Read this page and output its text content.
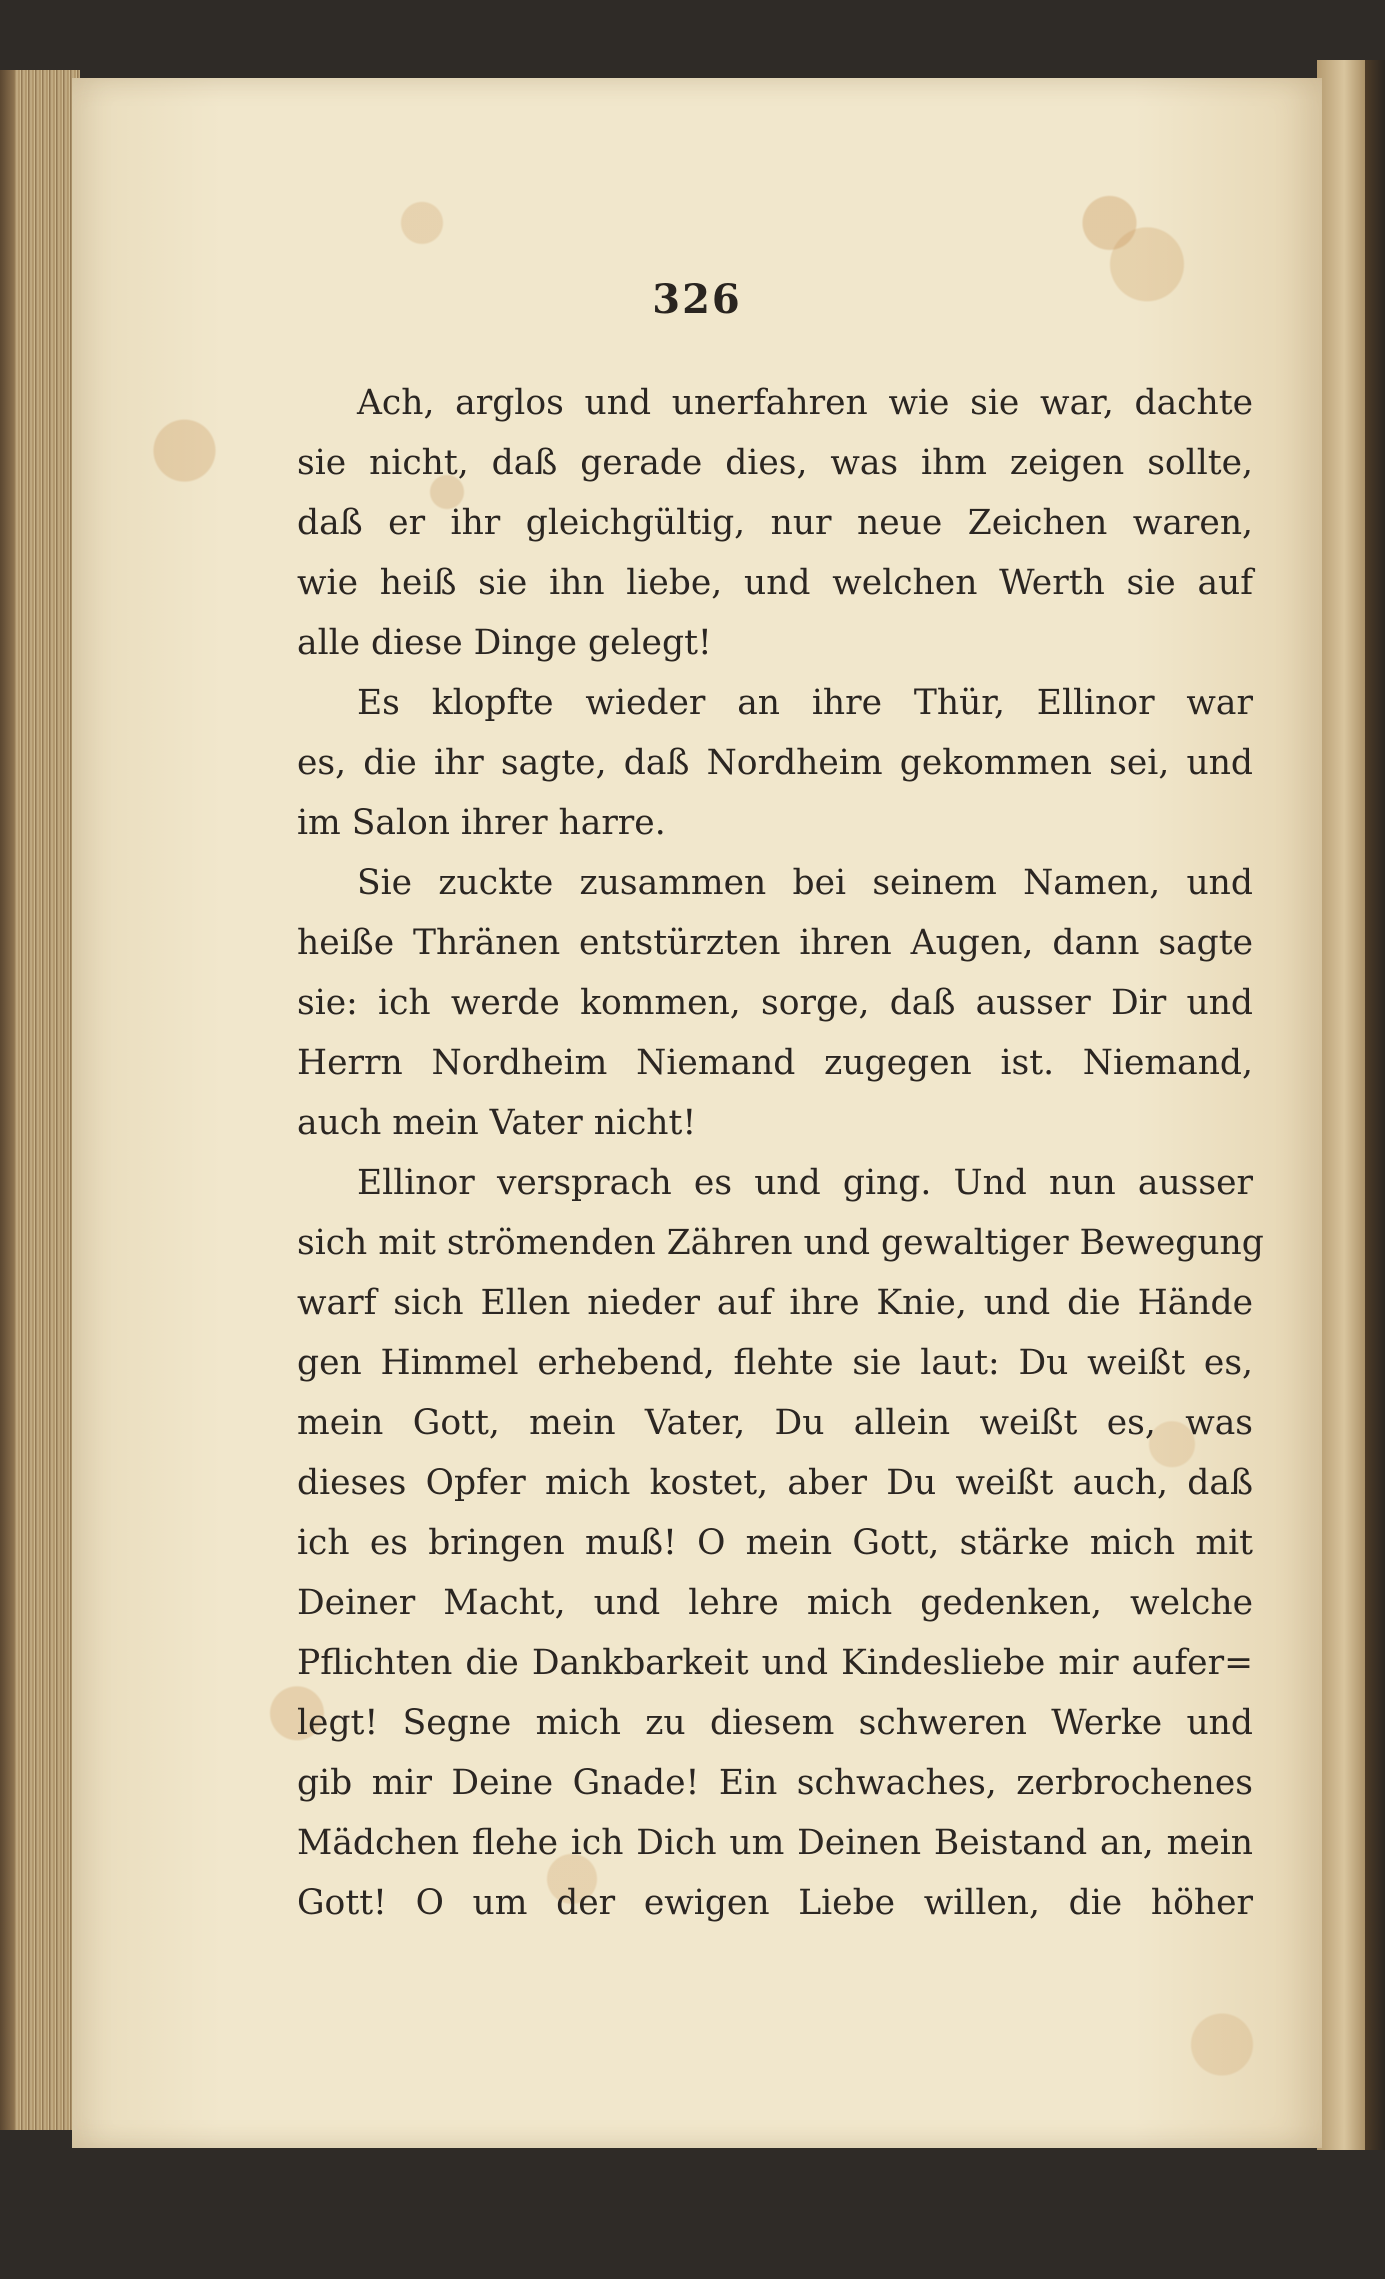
326
Ach, arglos und unerfahren wie sie war, dachte
sie nicht, daß gerade dies, was ihm zeigen sollte,
daß er ihr gleichgültig, nur neue Zeichen waren,
wie heiß sie ihn liebe, und welchen Werth sie auf
alle diese Dinge gelegt!
Es klopfte wieder an ihre Thür, Ellinor war
es, die ihr sagte, daß Nordheim gekommen sei, und
im Salon ihrer harre.
Sie zuckte zusammen bei seinem Namen, und
heiße Thränen entstürzten ihren Augen, dann sagte
sie: ich werde kommen, sorge, daß ausser Dir und
Herrn Nordheim Niemand zugegen ist. Niemand,
auch mein Vater nicht!
Ellinor versprach es und ging. Und nun ausser
sich mit strömenden Zähren und gewaltiger Bewegung
warf sich Ellen nieder auf ihre Knie, und die Hände
gen Himmel erhebend, flehte sie laut: Du weißt es,
mein Gott, mein Vater, Du allein weißt es, was
dieses Opfer mich kostet, aber Du weißt auch, daß
ich es bringen muß! O mein Gott, stärke mich mit
Deiner Macht, und lehre mich gedenken, welche
Pflichten die Dankbarkeit und Kindesliebe mir aufer=
legt! Segne mich zu diesem schweren Werke und
gib mir Deine Gnade! Ein schwaches, zerbrochenes
Mädchen flehe ich Dich um Deinen Beistand an, mein
Gott! O um der ewigen Liebe willen, die höher
